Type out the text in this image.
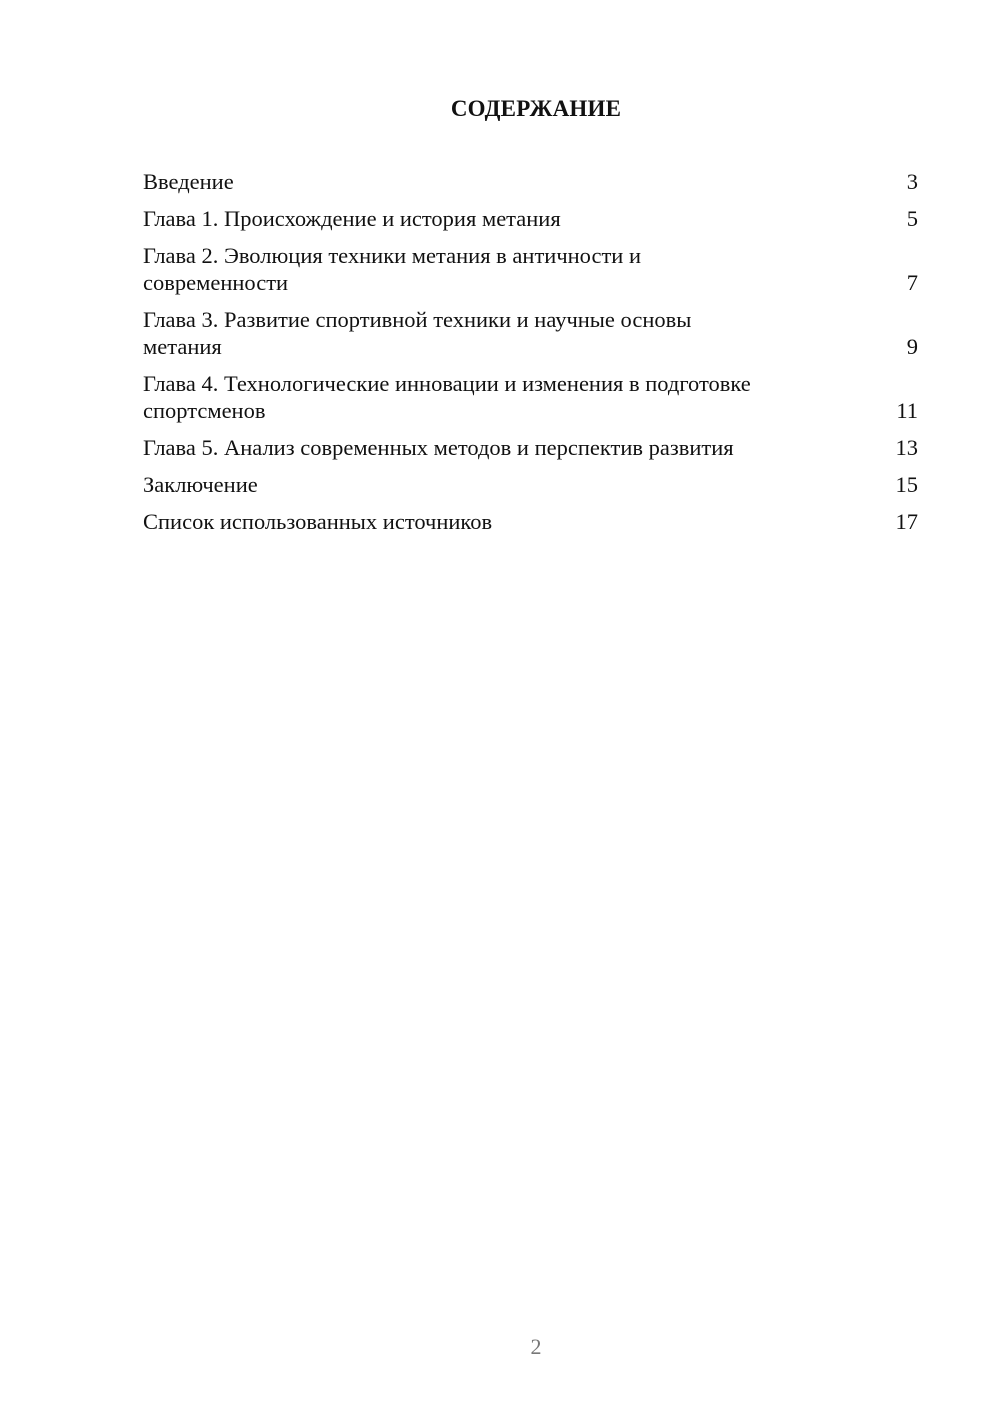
СОДЕРЖАНИЕ
Введение	3
Глава 1. Происхождение и история метания	5
Глава 2. Эволюция техники метания в античности и современности	7
Глава 3. Развитие спортивной техники и научные основы метания	9
Глава 4. Технологические инновации и изменения в подготовке спортсменов	11
Глава 5. Анализ современных методов и перспектив развития	13
Заключение	15
Список использованных источников	17
2
